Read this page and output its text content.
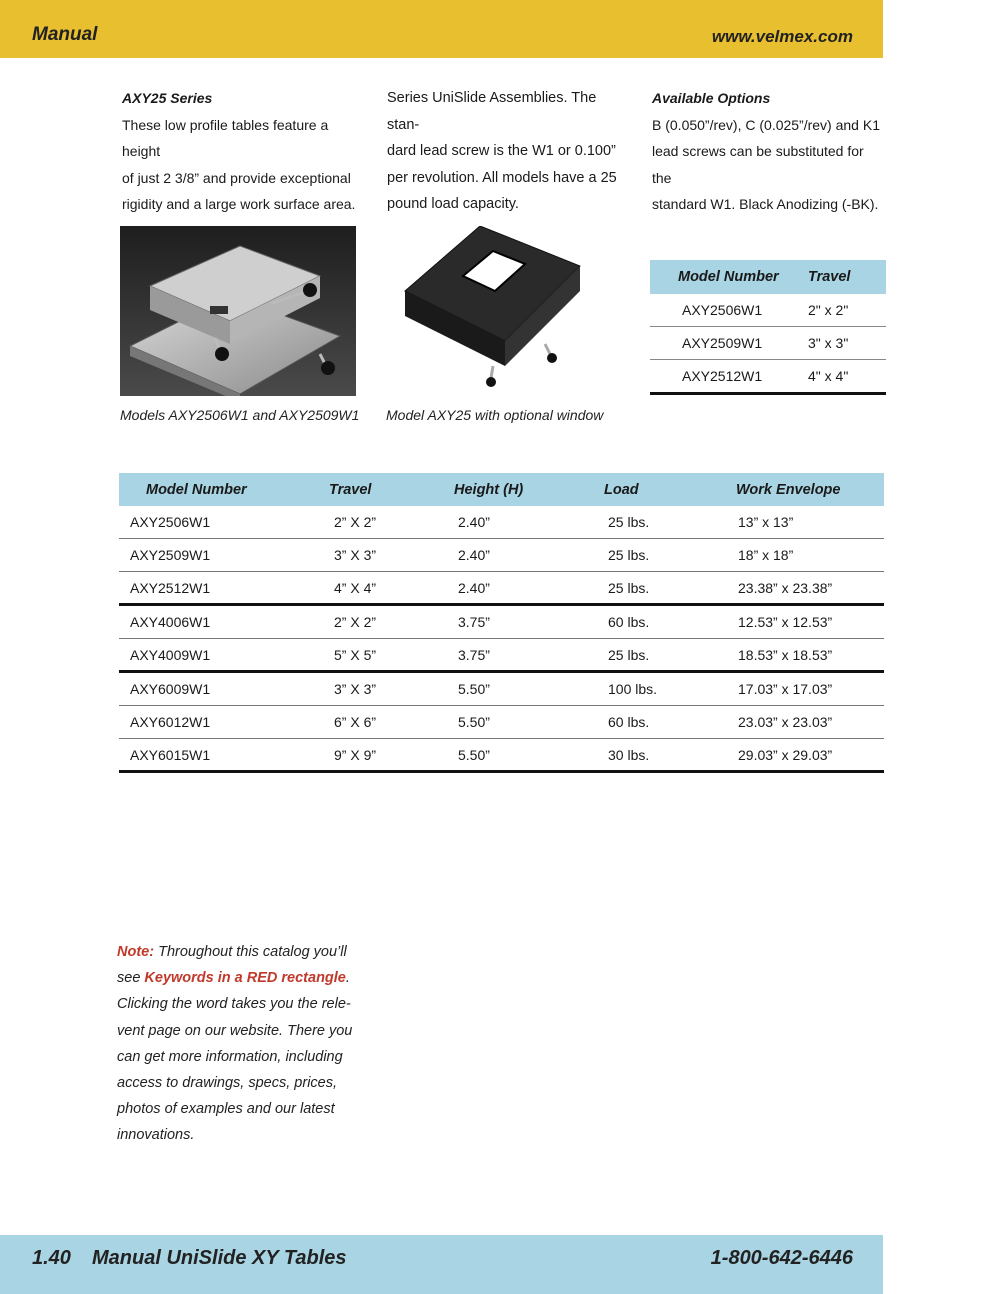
Manual	www.velmex.com
AXY25 Series
These low profile tables feature a height
of just 2 3/8” and provide exceptional
rigidity and a large work surface area.
Series UniSlide Assemblies. The stan-
dard lead screw is the W1 or 0.100”
per revolution. All models have a 25
pound load capacity.
Available Options
B (0.050”/rev), C (0.025”/rev) and K1
lead screws can be substituted for the
standard W1. Black Anodizing (-BK).
Models AXY2506W1 and AXY2509W1 Model AXY25 with optional window
Model Number Travel
AXY2506W1	2" x 2"
AXY2509W1	3" x 3"
AXY2512W1	4" x 4"
Model Number	Travel	Height (H)	Load	Work Envelope
AXY2506W1	2” X 2”	2.40”	25 lbs.	13” x 13”
AXY2509W1	3” X 3”	2.40”	25 lbs.	18” x 18”
AXY2512W1	4” X 4”	2.40”	25 lbs.	23.38” x 23.38”
AXY4006W1	2” X 2”	3.75”	60 lbs.	12.53” x 12.53”
AXY4009W1	5” X 5”	3.75”	25 lbs.	18.53” x 18.53”
AXY6009W1	3” X 3”	5.50”	100 lbs.	17.03” x 17.03”
AXY6012W1	6” X 6”	5.50”	60 lbs.	23.03” x 23.03”
AXY6015W1	9” X 9”	5.50”	30 lbs.	29.03” x 29.03”
Note: Throughout this catalog you’ll see Keywords in a RED rectangle. Clicking the word takes you the rele-vent page on our website. There you can get more information, including access to drawings, specs, prices, photos of examples and our latest innovations.
1.40 Manual UniSlide XY Tables	1-800-642-6446
